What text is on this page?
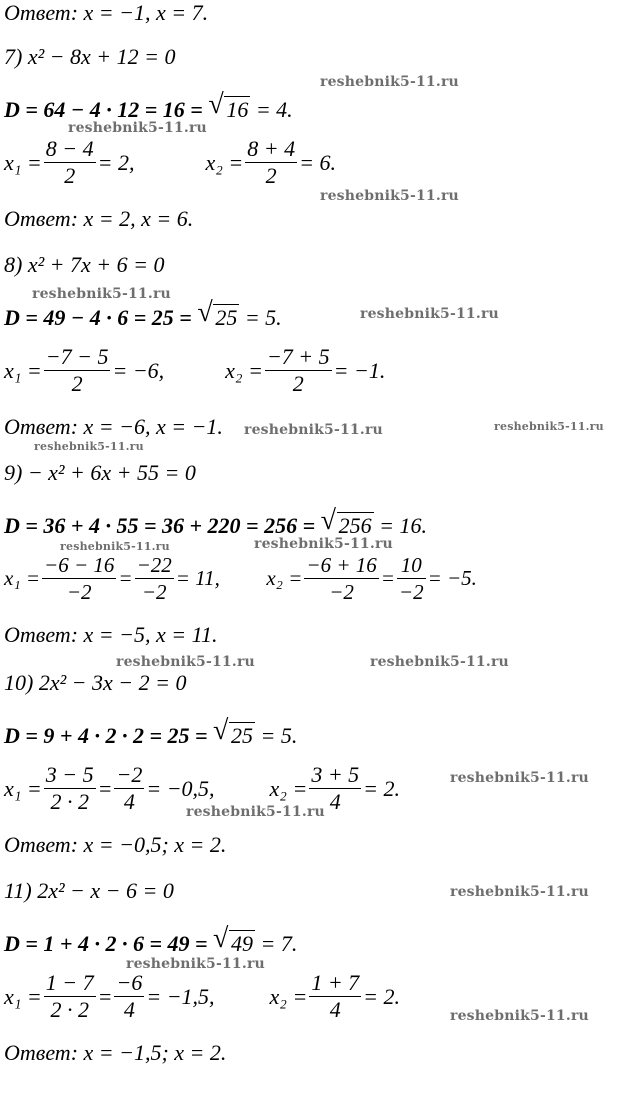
Ответ: x = −1, x = 7.
7) x² − 8x + 12 = 0
D = 64 − 4 · 12 = 16 = √ 16 = 4.
$x_1 = \frac{8 - 4}{2} = 2$,
	$x_2 = \frac{8 + 4}{2} = 6$.
Ответ: x = 2, x = 6.
8) x² + 7x + 6 = 0
D = 49 − 4 · 6 = 25 = √ 25 = 5.
$x_1 = \frac{-7 - 5}{2} = -6$,
	$x_2 = \frac{-7 + 5}{2} = -1$.
Ответ: x = −6, x = −1.
9) − x² + 6x + 55 = 0
D = 36 + 4 · 55 = 36 + 220 = 256 = √ 256 = 16.
$x_1 = \frac{-6 - 16}{-2} = \frac{-22}{-2} = 11$,
$x_2 = \frac{-6 + 16}{-2} = \frac{10}{-2} = -5$.
Ответ: x = −5, x = 11.
10) 2x² − 3x − 2 = 0
D = 9 + 4 · 2 · 2 = 25 = √ 25 = 5.
$x_1 = \frac{3 - 5}{2 \cdot 2} = \frac{-2}{4} = -0,5$,
	$x_2 = \frac{3 + 5}{4} = 2$.
Ответ: x = −0,5; x = 2.
11) 2x² − x − 6 = 0
D = 1 + 4 · 2 · 6 = 49 = √ 49 = 7.
$x_1 = \frac{1 - 7}{2 \cdot 2} = \frac{-6}{4} = -1,5$,
	$x_2 = \frac{1 + 7}{4} = 2$.
Ответ: x = −1,5; x = 2.
reshebnik5-11.ru
reshebnik5-11.ru
reshebnik5-11.ru
reshebnik5-11.ru
reshebnik5-11.ru
reshebnik5-11.ru	reshebnik5-11.ru
reshebnik5-11.ru
reshebnik5-11.ru	reshebnik5-11.ru
reshebnik5-11.ru	reshebnik5-11.ru
reshebnik5-11.ru
reshebnik5-11.ru
reshebnik5-11.ru
reshebnik5-11.ru
reshebnik5-11.ru
